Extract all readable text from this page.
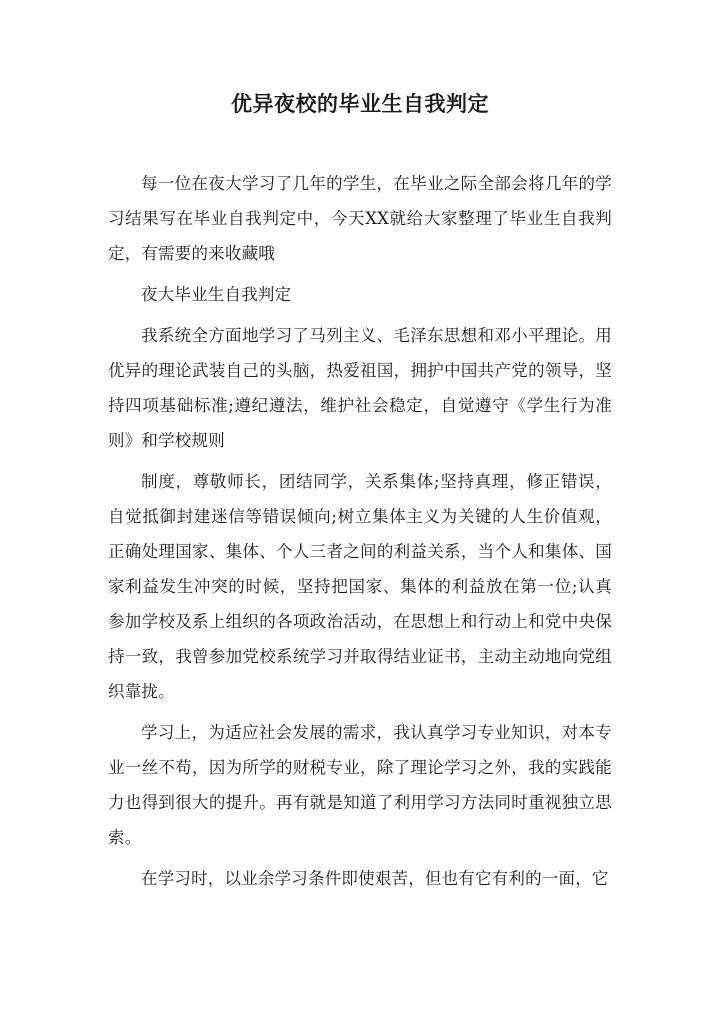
优异夜校的毕业生自我判定

每一位在夜大学习了几年的学生，在毕业之际全部会将几年的学习结果写在毕业自我判定中，今天XX就给大家整理了毕业生自我判定，有需要的来收藏哦

夜大毕业生自我判定

我系统全方面地学习了马列主义、毛泽东思想和邓小平理论。用优异的理论武装自己的头脑，热爱祖国，拥护中国共产党的领导，坚持四项基础标准;遵纪遵法，维护社会稳定，自觉遵守《学生行为准则》和学校规则

制度，尊敬师长，团结同学，关系集体;坚持真理，修正错误，自觉抵御封建迷信等错误倾向;树立集体主义为关键的人生价值观，正确处理国家、集体、个人三者之间的利益关系，当个人和集体、国家利益发生冲突的时候，坚持把国家、集体的利益放在第一位;认真参加学校及系上组织的各项政治活动，在思想上和行动上和党中央保持一致，我曾参加党校系统学习并取得结业证书，主动主动地向党组织靠拢。

学习上，为适应社会发展的需求，我认真学习专业知识，对本专业一丝不苟，因为所学的财税专业，除了理论学习之外，我的实践能力也得到很大的提升。再有就是知道了利用学习方法同时重视独立思索。

在学习时，以业余学习条件即使艰苦，但也有它有利的一面，它
